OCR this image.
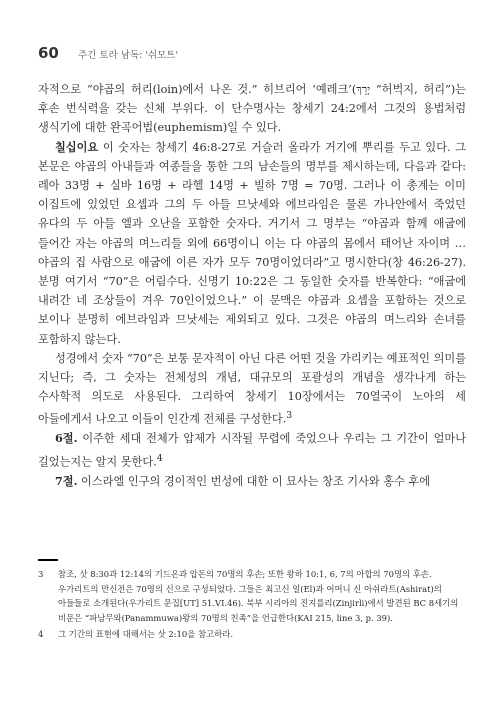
60 주긴 토라 남독: '쉬모트'

자적으로 “야곱의 허리(loin)에서 나온 것.” 히브리어 ‘예레크’(יָרֵךְ “허벅지, 허리”)는 후손 번식력을 갖는 신체 부위다. 이 단수명사는 창세기 24:2에서 그것의 용법처럼 생식기에 대한 완곡어법(euphemism)일 수 있다.

칠십이요 이 숫자는 창세기 46:8-27로 거슬러 올라가 거기에 뿌리를 두고 있다. 그 본문은 야곱의 아내들과 여종들을 통한 그의 남손들의 명부를 제시하는데, 다음과 같다: 레아 33명 + 실바 16명 + 라헬 14명 + 빌하 7명 = 70명. 그러나 이 총계는 이미 이집트에 있었던 요셉과 그의 두 아들 므낫세와 에브라임은 물론 가나안에서 죽었던 유다의 두 아들 엘과 오난을 포함한 숫자다. 거기서 그 명부는 “야곱과 함께 애굽에 들어간 자는 야곱의 며느리들 외에 66명이니 이는 다 야곱의 몸에서 태어난 자이며 … 야곱의 집 사람으로 애굽에 이른 자가 모두 70명이었더라”고 명시한다(창 46:26-27). 분명 여기서 “70”은 어림수다. 신명기 10:22은 그 동일한 숫자를 반복한다: “애굽에 내려간 네 조상들이 겨우 70인이었으나.” 이 문맥은 야곱과 요셉을 포함하는 것으로 보이나 분명히 에브라임과 므낫세는 제외되고 있다. 그것은 야곱의 며느리와 손녀를 포함하지 않는다.

성경에서 숫자 “70”은 보통 문자적이 아닌 다른 어떤 것을 가리키는 예표적인 의미를 지닌다; 즉, 그 숫자는 전체성의 개념, 대규모의 포괄성의 개념을 생각나게 하는 수사학적 의도로 사용된다. 그리하여 창세기 10장에서는 70열국이 노아의 세 아들에게서 나오고 이들이 인간계 전체를 구성한다.$^3$

6절. 이주한 세대 전체가 압제가 시작될 무렵에 죽었으나 우리는 그 기간이 얼마나 길었는지는 알지 못한다.$^4$

7절. 이스라엘 인구의 경이적인 번성에 대한 이 묘사는 창조 기사와 홍수 후에

3 참조, 삿 8:30과 12:14의 기드온과 압돈의 70명의 후손; 또한 왕하 10:1, 6, 7의 아합의 70명의 후손. 우가리트의 만신전은 70명의 신으로 구성되었다. 그들은 최고신 일(El)과 어머니 신 아쉬라트(Ashirat)의 아들들로 소개된다(우가리트 문집[UT] 51.VI.46). 북부 시리아의 진지를리(Zinjirli)에서 발견된 BC 8세기의 비문은 “파남무와(Panammuwa)왕의 70명의 친족”을 언급한다(KAI 215, line 3, p. 39).

4 그 기간의 표현에 대해서는 삿 2:10을 참고하라.
